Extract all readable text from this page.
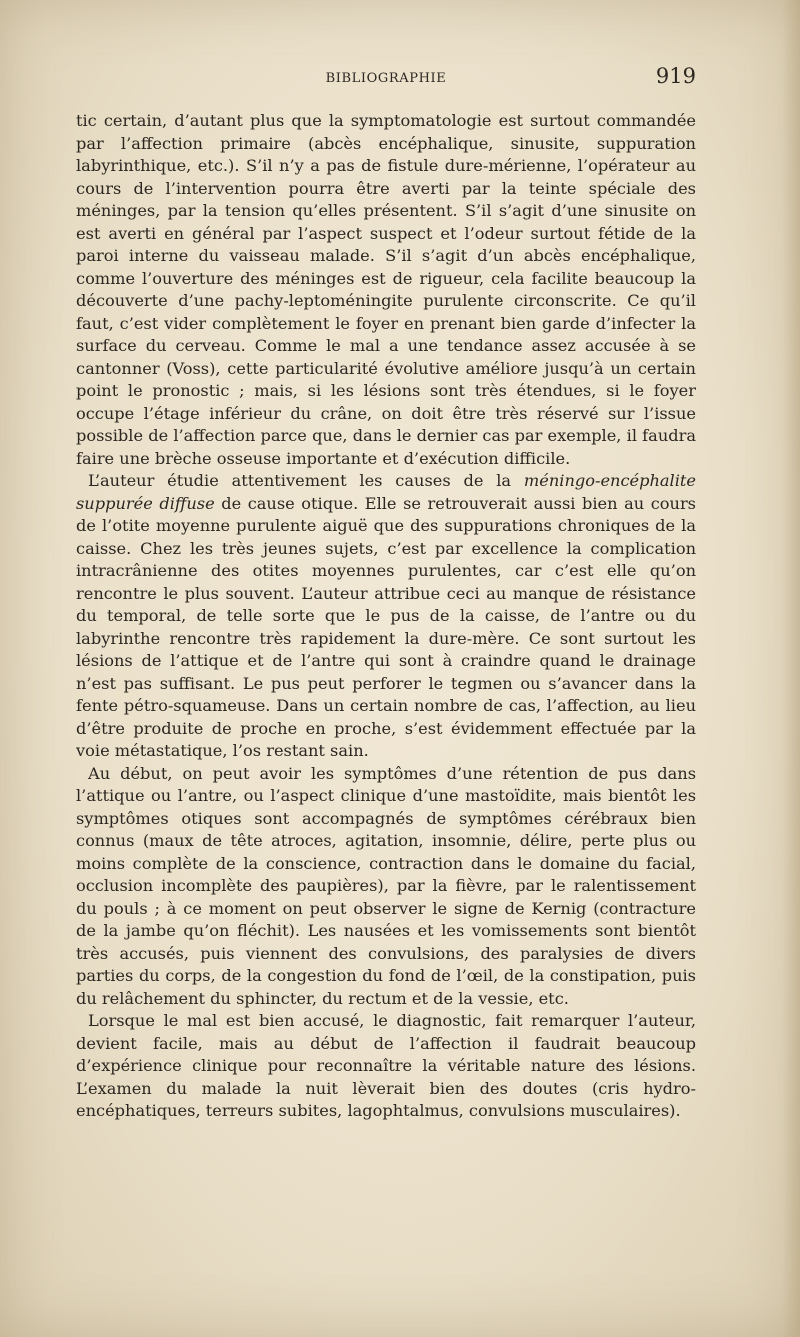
BIBLIOGRAPHIE	919

tic certain, d’autant plus que la symptomatologie est surtout commandée par l’affection primaire (abcès encéphalique, sinusite, suppuration labyrinthique, etc.). S’il n’y a pas de fistule dure-mérienne, l’opérateur au cours de l’intervention pourra être averti par la teinte spéciale des méninges, par la tension qu’elles présentent. S’il s’agit d’une sinusite on est averti en général par l’aspect suspect et l’odeur surtout fétide de la paroi interne du vaisseau malade. S’il s’agit d’un abcès encéphalique, comme l’ouverture des méninges est de rigueur, cela facilite beaucoup la découverte d’une pachy-leptoméningite purulente circonscrite. Ce qu’il faut, c’est vider complètement le foyer en prenant bien garde d’infecter la surface du cerveau. Comme le mal a une tendance assez accusée à se cantonner (Voss), cette particularité évolutive améliore jusqu’à un certain point le pronostic ; mais, si les lésions sont très étendues, si le foyer occupe l’étage inférieur du crâne, on doit être très réservé sur l’issue possible de l’affection parce que, dans le dernier cas par exemple, il faudra faire une brèche osseuse importante et d’exécution difficile.

L’auteur étudie attentivement les causes de la méningo-encéphalite suppurée diffuse de cause otique. Elle se retrouverait aussi bien au cours de l’otite moyenne purulente aiguë que des suppurations chroniques de la caisse. Chez les très jeunes sujets, c’est par excellence la complication intracrânienne des otites moyennes purulentes, car c’est elle qu’on rencontre le plus souvent. L’auteur attribue ceci au manque de résistance du temporal, de telle sorte que le pus de la caisse, de l’antre ou du labyrinthe rencontre très rapidement la dure-mère. Ce sont surtout les lésions de l’attique et de l’antre qui sont à craindre quand le drainage n’est pas suffisant. Le pus peut perforer le tegmen ou s’avancer dans la fente pétro-squameuse. Dans un certain nombre de cas, l’affection, au lieu d’être produite de proche en proche, s’est évidemment effectuée par la voie métastatique, l’os restant sain.

Au début, on peut avoir les symptômes d’une rétention de pus dans l’attique ou l’antre, ou l’aspect clinique d’une mastoïdite, mais bientôt les symptômes otiques sont accompagnés de symptômes cérébraux bien connus (maux de tête atroces, agitation, insomnie, délire, perte plus ou moins complète de la conscience, contraction dans le domaine du facial, occlusion incomplète des paupières), par la fièvre, par le ralentissement du pouls ; à ce moment on peut observer le signe de Kernig (contracture de la jambe qu’on fléchit). Les nausées et les vomissements sont bientôt très accusés, puis viennent des convulsions, des paralysies de divers parties du corps, de la congestion du fond de l’œil, de la constipation, puis du relâchement du sphincter, du rectum et de la vessie, etc.

Lorsque le mal est bien accusé, le diagnostic, fait remarquer l’auteur, devient facile, mais au début de l’affection il faudrait beaucoup d’expérience clinique pour reconnaître la véritable nature des lésions. L’examen du malade la nuit lèverait bien des doutes (cris hydro-encéphatiques, terreurs subites, lagophtalmus, convulsions musculaires).
